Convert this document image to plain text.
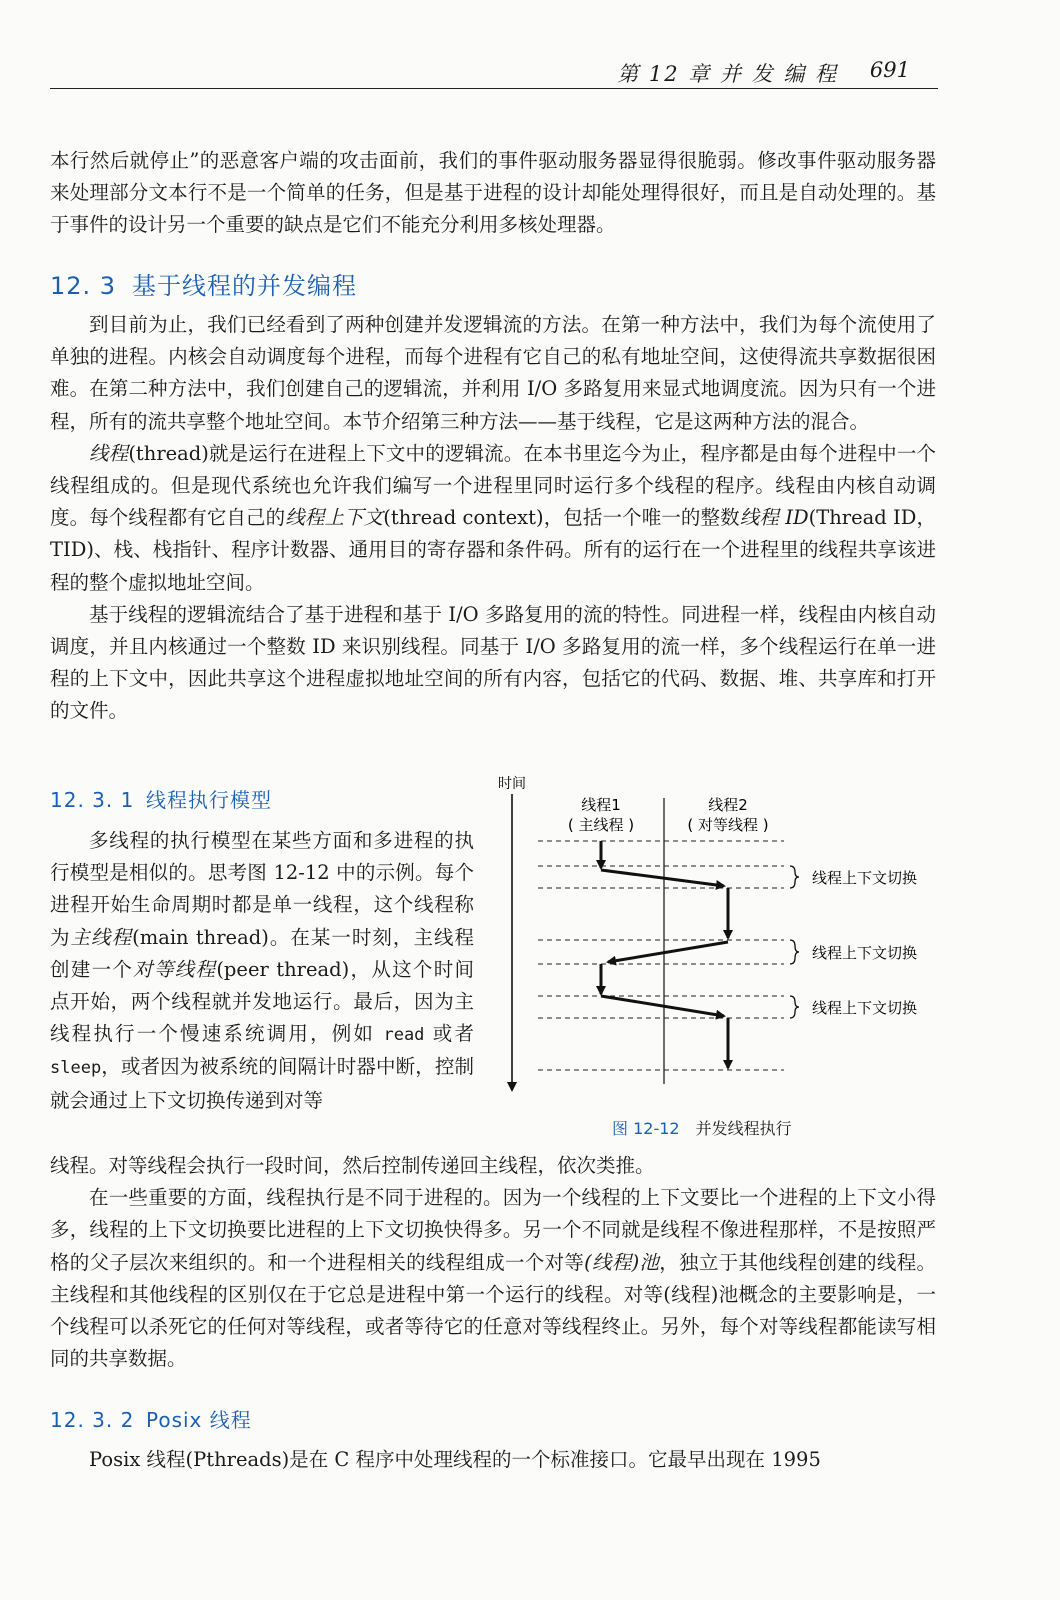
第 12 章 并 发 编 程 691

本行然后就停止”的恶意客户端的攻击面前，我们的事件驱动服务器显得很脆弱。修改事件驱动服务器来处理部分文本行不是一个简单的任务，但是基于进程的设计却能处理得很好，而且是自动处理的。基于事件的设计另一个重要的缺点是它们不能充分利用多核处理器。

12. 3 基于线程的并发编程

到目前为止，我们已经看到了两种创建并发逻辑流的方法。在第一种方法中，我们为每个流使用了单独的进程。内核会自动调度每个进程，而每个进程有它自己的私有地址空间，这使得流共享数据很困难。在第二种方法中，我们创建自己的逻辑流，并利用 I/O 多路复用来显式地调度流。因为只有一个进程，所有的流共享整个地址空间。本节介绍第三种方法——基于线程，它是这两种方法的混合。

线程(thread)就是运行在进程上下文中的逻辑流。在本书里迄今为止，程序都是由每个进程中一个线程组成的。但是现代系统也允许我们编写一个进程里同时运行多个线程的程序。线程由内核自动调度。每个线程都有它自己的线程上下文(thread context)，包括一个唯一的整数线程 ID(Thread ID，TID)、栈、栈指针、程序计数器、通用目的寄存器和条件码。所有的运行在一个进程里的线程共享该进程的整个虚拟地址空间。

基于线程的逻辑流结合了基于进程和基于 I/O 多路复用的流的特性。同进程一样，线程由内核自动调度，并且内核通过一个整数 ID 来识别线程。同基于 I/O 多路复用的流一样，多个线程运行在单一进程的上下文中，因此共享这个进程虚拟地址空间的所有内容，包括它的代码、数据、堆、共享库和打开的文件。

12. 3. 1 线程执行模型

多线程的执行模型在某些方面和多进程的执行模型是相似的。思考图 12-12 中的示例。每个进程开始生命周期时都是单一线程，这个线程称为主线程(main thread)。在某一时刻，主线程创建一个对等线程(peer thread)，从这个时间点开始，两个线程就并发地运行。最后，因为主线程执行一个慢速系统调用，例如 read 或者 sleep，或者因为被系统的间隔计时器中断，控制就会通过上下文切换传递到对等

时间
线程1
( 主线程 )
线程2
( 对等线程 )
线程上下文切换
线程上下文切换
线程上下文切换
图 12-12 并发线程执行

线程。对等线程会执行一段时间，然后控制传递回主线程，依次类推。

在一些重要的方面，线程执行是不同于进程的。因为一个线程的上下文要比一个进程的上下文小得多，线程的上下文切换要比进程的上下文切换快得多。另一个不同就是线程不像进程那样，不是按照严格的父子层次来组织的。和一个进程相关的线程组成一个对等(线程)池，独立于其他线程创建的线程。主线程和其他线程的区别仅在于它总是进程中第一个运行的线程。对等(线程)池概念的主要影响是，一个线程可以杀死它的任何对等线程，或者等待它的任意对等线程终止。另外，每个对等线程都能读写相同的共享数据。

12. 3. 2 Posix 线程

Posix 线程(Pthreads)是在 C 程序中处理线程的一个标准接口。它最早出现在 1995
